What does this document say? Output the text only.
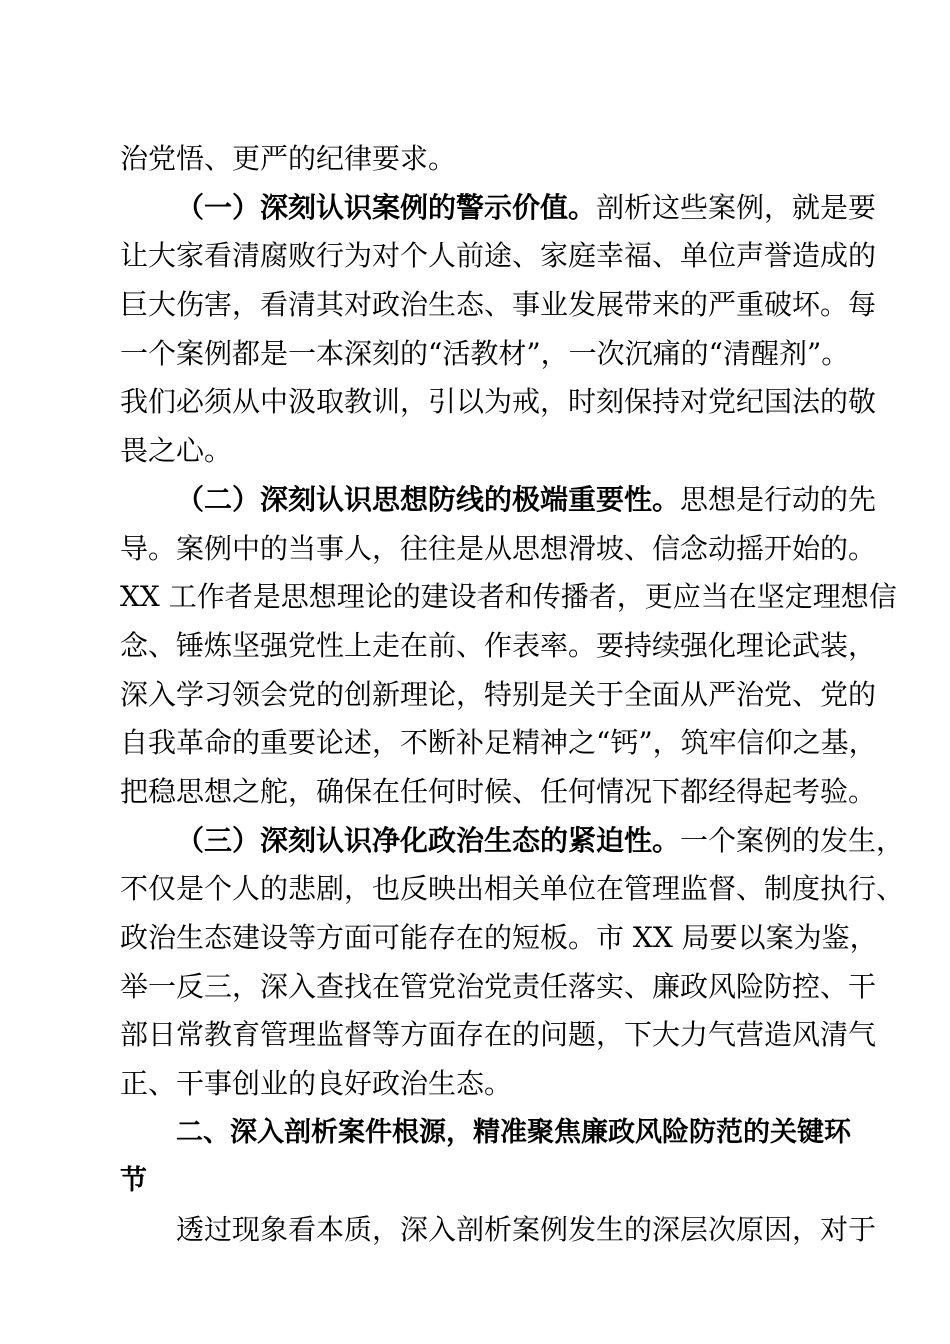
治党悟、更严的纪律要求。
（一）深刻认识案例的警示价值。剖析这些案例，就是要
让大家看清腐败行为对个人前途、家庭幸福、单位声誉造成的
巨大伤害，看清其对政治生态、事业发展带来的严重破坏。每
一个案例都是一本深刻的“活教材”，一次沉痛的“清醒剂”。
我们必须从中汲取教训，引以为戒，时刻保持对党纪国法的敬
畏之心。
（二）深刻认识思想防线的极端重要性。思想是行动的先
导。案例中的当事人，往往是从思想滑坡、信念动摇开始的。
XX 工作者是思想理论的建设者和传播者，更应当在坚定理想信
念、锤炼坚强党性上走在前、作表率。要持续强化理论武装，
深入学习领会党的创新理论，特别是关于全面从严治党、党的
自我革命的重要论述，不断补足精神之“钙”，筑牢信仰之基，
把稳思想之舵，确保在任何时候、任何情况下都经得起考验。
（三）深刻认识净化政治生态的紧迫性。一个案例的发生，
不仅是个人的悲剧，也反映出相关单位在管理监督、制度执行、
政治生态建设等方面可能存在的短板。市 XX 局要以案为鉴，
举一反三，深入查找在管党治党责任落实、廉政风险防控、干
部日常教育管理监督等方面存在的问题，下大力气营造风清气
正、干事创业的良好政治生态。
二、深入剖析案件根源，精准聚焦廉政风险防范的关键环
节
透过现象看本质，深入剖析案例发生的深层次原因，对于
